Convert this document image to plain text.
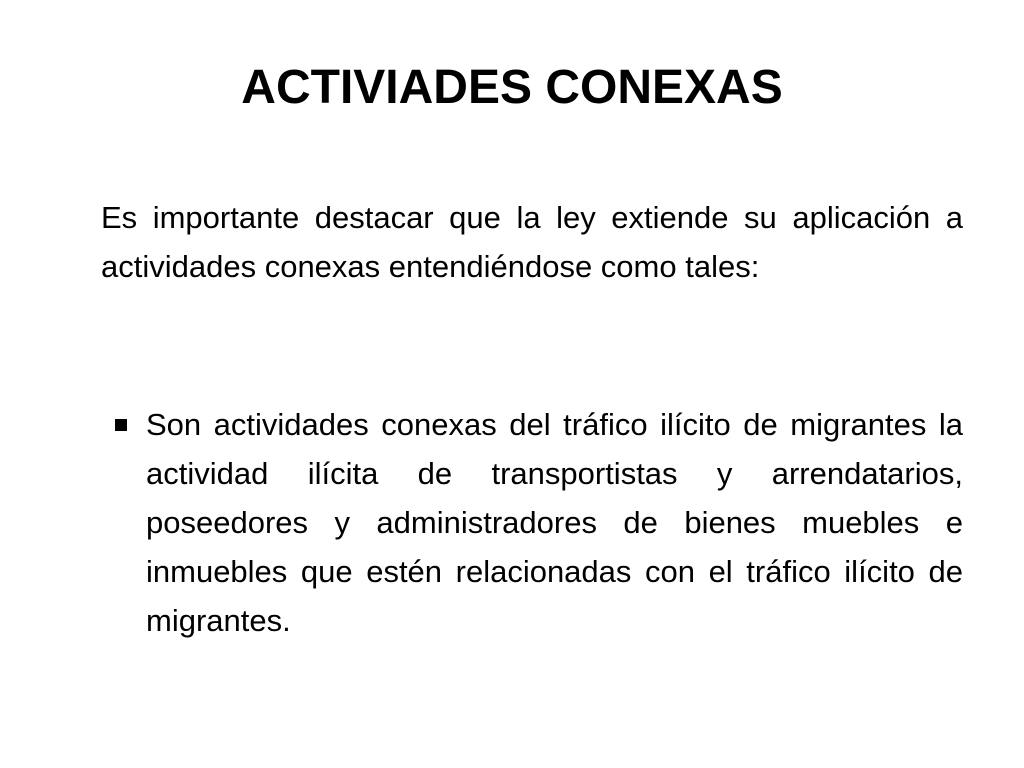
ACTIVIADES CONEXAS

Es importante destacar que la ley extiende su aplicación a actividades conexas entendiéndose como tales:

Son actividades conexas del tráfico ilícito de migrantes la actividad ilícita de transportistas y arrendatarios, poseedores y administradores de bienes muebles e inmuebles que estén relacionadas con el tráfico ilícito de migrantes.
